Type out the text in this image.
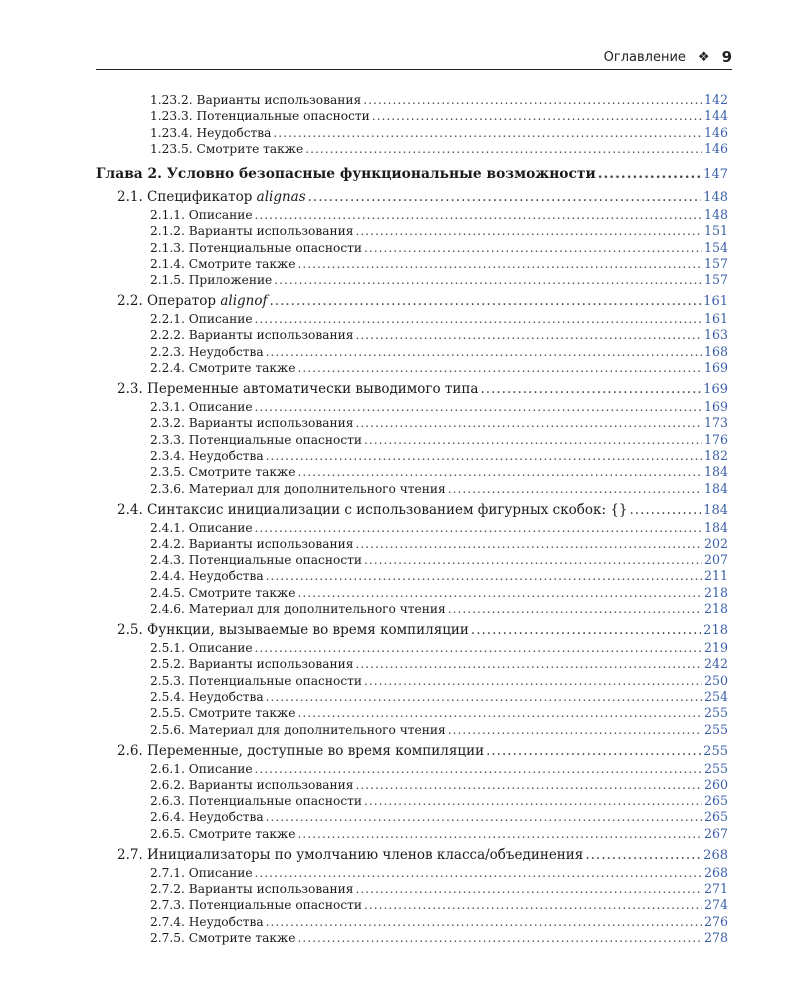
Оглавление ❖ 9
1.23.2. Варианты использования .....	142
1.23.3. Потенциальные опасности .....	144
1.23.4. Неудобства .....	146
1.23.5. Смотрите также .....	146
Глава 2. Условно безопасные функциональные возможности .....	147
2.1. Спецификатор alignas .....	148
2.1.1. Описание .....	148
2.1.2. Варианты использования .....	151
2.1.3. Потенциальные опасности .....	154
2.1.4. Смотрите также .....	157
2.1.5. Приложение .....	157
2.2. Оператор alignof .....	161
2.2.1. Описание .....	161
2.2.2. Варианты использования .....	163
2.2.3. Неудобства .....	168
2.2.4. Смотрите также .....	169
2.3. Переменные автоматически выводимого типа .....	169
2.3.1. Описание .....	169
2.3.2. Варианты использования .....	173
2.3.3. Потенциальные опасности .....	176
2.3.4. Неудобства .....	182
2.3.5. Смотрите также .....	184
2.3.6. Материал для дополнительного чтения .....	184
2.4. Синтаксис инициализации с использованием фигурных скобок: {} .....	184
2.4.1. Описание .....	184
2.4.2. Варианты использования .....	202
2.4.3. Потенциальные опасности .....	207
2.4.4. Неудобства .....	211
2.4.5. Смотрите также .....	218
2.4.6. Материал для дополнительного чтения .....	218
2.5. Функции, вызываемые во время компиляции .....	218
2.5.1. Описание .....	219
2.5.2. Варианты использования .....	242
2.5.3. Потенциальные опасности .....	250
2.5.4. Неудобства .....	254
2.5.5. Смотрите также .....	255
2.5.6. Материал для дополнительного чтения .....	255
2.6. Переменные, доступные во время компиляции .....	255
2.6.1. Описание .....	255
2.6.2. Варианты использования .....	260
2.6.3. Потенциальные опасности .....	265
2.6.4. Неудобства .....	265
2.6.5. Смотрите также .....	267
2.7. Инициализаторы по умолчанию членов класса/объединения .....	268
2.7.1. Описание .....	268
2.7.2. Варианты использования .....	271
2.7.3. Потенциальные опасности .....	274
2.7.4. Неудобства .....	276
2.7.5. Смотрите также .....	278
